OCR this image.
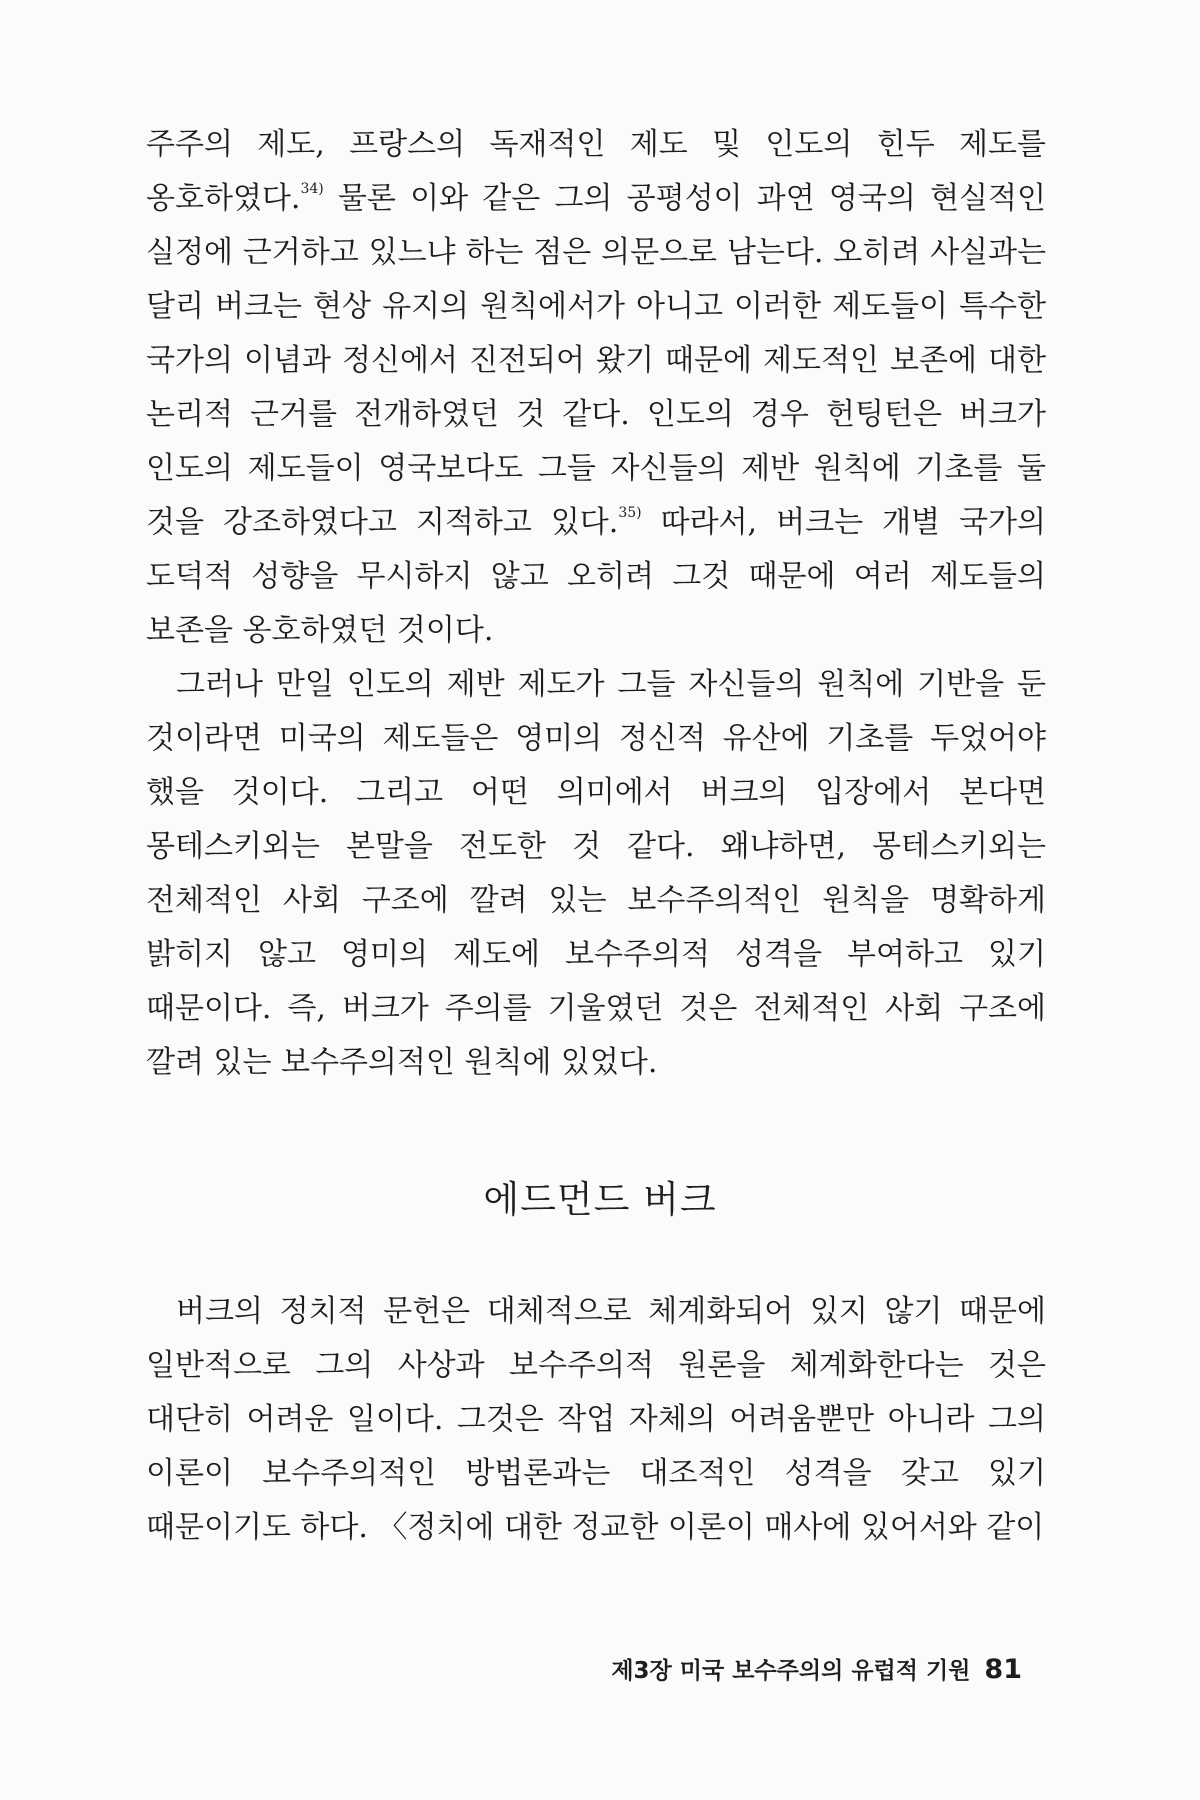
주주의 제도, 프랑스의 독재적인 제도 및 인도의 힌두 제도를 옹호하였다.$^{34)}$ 물론 이와 같은 그의 공평성이 과연 영국의 현실적인 실정에 근거하고 있느냐 하는 점은 의문으로 남는다. 오히려 사실과는 달리 버크는 현상 유지의 원칙에서가 아니고 이러한 제도들이 특수한 국가의 이념과 정신에서 진전되어 왔기 때문에 제도적인 보존에 대한 논리적 근거를 전개하였던 것 같다. 인도의 경우 헌팅턴은 버크가 인도의 제도들이 영국보다도 그들 자신들의 제반 원칙에 기초를 둘 것을 강조하였다고 지적하고 있다.$^{35)}$ 따라서, 버크는 개별 국가의 도덕적 성향을 무시하지 않고 오히려 그것 때문에 여러 제도들의 보존을 옹호하였던 것이다.

그러나 만일 인도의 제반 제도가 그들 자신들의 원칙에 기반을 둔 것이라면 미국의 제도들은 영미의 정신적 유산에 기초를 두었어야 했을 것이다. 그리고 어떤 의미에서 버크의 입장에서 본다면 몽테스키외는 본말을 전도한 것 같다. 왜냐하면, 몽테스키외는 전체적인 사회 구조에 깔려 있는 보수주의적인 원칙을 명확하게 밝히지 않고 영미의 제도에 보수주의적 성격을 부여하고 있기 때문이다. 즉, 버크가 주의를 기울였던 것은 전체적인 사회 구조에 깔려 있는 보수주의적인 원칙에 있었다.

에드먼드 버크

버크의 정치적 문헌은 대체적으로 체계화되어 있지 않기 때문에 일반적으로 그의 사상과 보수주의적 원론을 체계화한다는 것은 대단히 어려운 일이다. 그것은 작업 자체의 어려움뿐만 아니라 그의 이론이 보수주의적인 방법론과는 대조적인 성격을 갖고 있기 때문이기도 하다. 〈정치에 대한 정교한 이론이 매사에 있어서와 같이

제3장 미국 보수주의의 유럽적 기원 81
